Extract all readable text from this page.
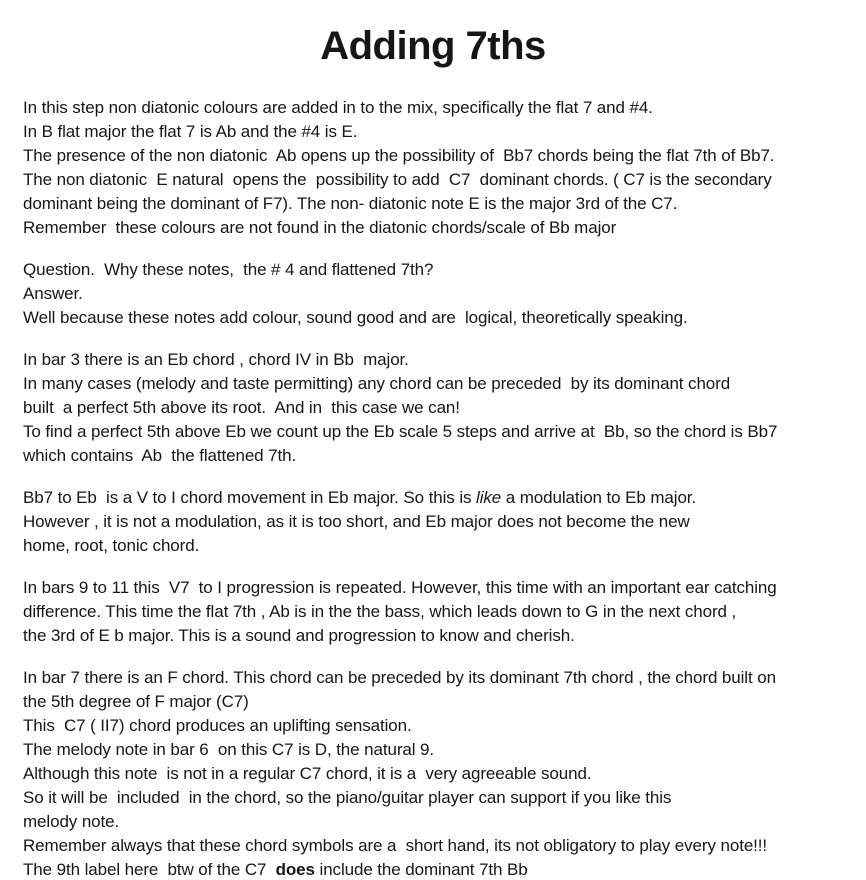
Adding 7ths
In this step non diatonic colours are added in to the mix, specifically the flat 7 and #4.
In B flat major the flat 7 is Ab and the #4 is E.
The presence of the non diatonic  Ab opens up the possibility of  Bb7 chords being the flat 7th of Bb7.
The non diatonic  E natural  opens the  possibility to add  C7  dominant chords. ( C7 is the secondary
dominant being the dominant of F7). The non- diatonic note E is the major 3rd of the C7.
Remember  these colours are not found in the diatonic chords/scale of Bb major
Question.  Why these notes,  the # 4 and flattened 7th?
Answer.
Well because these notes add colour, sound good and are  logical, theoretically speaking.
In bar 3 there is an Eb chord , chord IV in Bb  major.
In many cases (melody and taste permitting) any chord can be preceded  by its dominant chord
built  a perfect 5th above its root.  And in  this case we can!
To find a perfect 5th above Eb we count up the Eb scale 5 steps and arrive at  Bb, so the chord is Bb7
which contains  Ab  the flattened 7th.
Bb7 to Eb  is a V to I chord movement in Eb major. So this is like a modulation to Eb major.
However , it is not a modulation, as it is too short, and Eb major does not become the new
home, root, tonic chord.
In bars 9 to 11 this  V7  to I progression is repeated. However, this time with an important ear catching
difference. This time the flat 7th , Ab is in the the bass, which leads down to G in the next chord ,
the 3rd of E b major. This is a sound and progression to know and cherish.
In bar 7 there is an F chord. This chord can be preceded by its dominant 7th chord , the chord built on
the 5th degree of F major (C7)
This  C7 ( II7) chord produces an uplifting sensation.
The melody note in bar 6  on this C7 is D, the natural 9.
Although this note  is not in a regular C7 chord, it is a  very agreeable sound.
So it will be  included  in the chord, so the piano/guitar player can support if you like this
melody note.
Remember always that these chord symbols are a  short hand, its not obligatory to play every note!!!
The 9th label here  btw of the C7  does include the dominant 7th Bb
